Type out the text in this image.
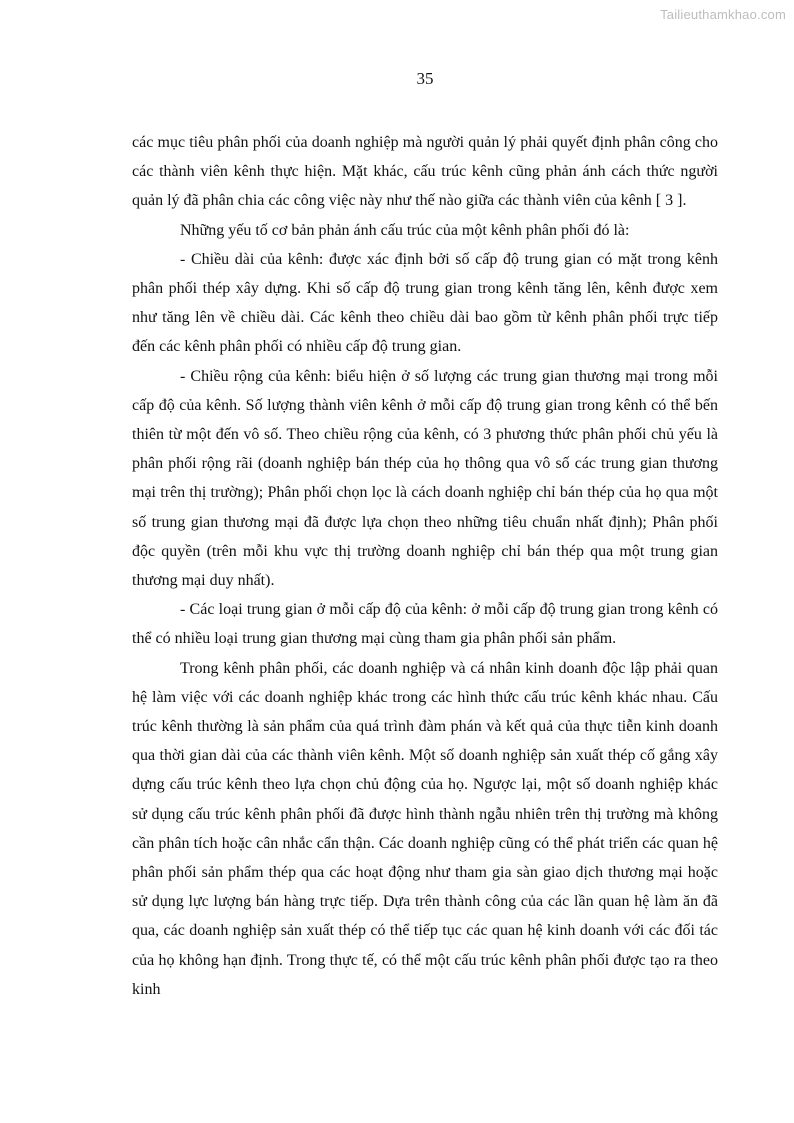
Tailieuthamkhao.com
35

các mục tiêu phân phối của doanh nghiệp mà người quản lý phải quyết định phân công cho các thành viên kênh thực hiện. Mặt khác, cấu trúc kênh cũng phản ánh cách thức người quản lý đã phân chia các công việc này như thế nào giữa các thành viên của kênh [ 3 ].

Những yếu tố cơ bản phản ánh cấu trúc của một kênh phân phối đó là:

- Chiều dài của kênh: được xác định bởi số cấp độ trung gian có mặt trong kênh phân phối thép xây dựng. Khi số cấp độ trung gian trong kênh tăng lên, kênh được xem như tăng lên về chiều dài. Các kênh theo chiều dài bao gồm từ kênh phân phối trực tiếp đến các kênh phân phối có nhiều cấp độ trung gian.

- Chiều rộng của kênh: biểu hiện ở số lượng các trung gian thương mại trong mỗi cấp độ của kênh. Số lượng thành viên kênh ở mỗi cấp độ trung gian trong kênh có thể bến thiên từ một đến vô số. Theo chiều rộng của kênh, có 3 phương thức phân phối chủ yếu là phân phối rộng rãi (doanh nghiệp bán thép của họ thông qua vô số các trung gian thương mại trên thị trường); Phân phối chọn lọc là cách doanh nghiệp chỉ bán thép của họ qua một số trung gian thương mại đã được lựa chọn theo những tiêu chuẩn nhất định); Phân phối độc quyền (trên mỗi khu vực thị trường doanh nghiệp chỉ bán thép qua một trung gian thương mại duy nhất).

- Các loại trung gian ở mỗi cấp độ của kênh: ở mỗi cấp độ trung gian trong kênh có thể có nhiều loại trung gian thương mại cùng tham gia phân phối sản phẩm.

Trong kênh phân phối, các doanh nghiệp và cá nhân kinh doanh độc lập phải quan hệ làm việc với các doanh nghiệp khác trong các hình thức cấu trúc kênh khác nhau. Cấu trúc kênh thường là sản phẩm của quá trình đàm phán và kết quả của thực tiễn kinh doanh qua thời gian dài của các thành viên kênh. Một số doanh nghiệp sản xuất thép cố gắng xây dựng cấu trúc kênh theo lựa chọn chủ động của họ. Ngược lại, một số doanh nghiệp khác sử dụng cấu trúc kênh phân phối đã được hình thành ngẫu nhiên trên thị trường mà không cần phân tích hoặc cân nhắc cẩn thận. Các doanh nghiệp cũng có thể phát triển các quan hệ phân phối sản phẩm thép qua các hoạt động như tham gia sàn giao dịch thương mại hoặc sử dụng lực lượng bán hàng trực tiếp. Dựa trên thành công của các lần quan hệ làm ăn đã qua, các doanh nghiệp sản xuất thép có thể tiếp tục các quan hệ kinh doanh với các đối tác của họ không hạn định. Trong thực tế, có thể một cấu trúc kênh phân phối được tạo ra theo kinh
